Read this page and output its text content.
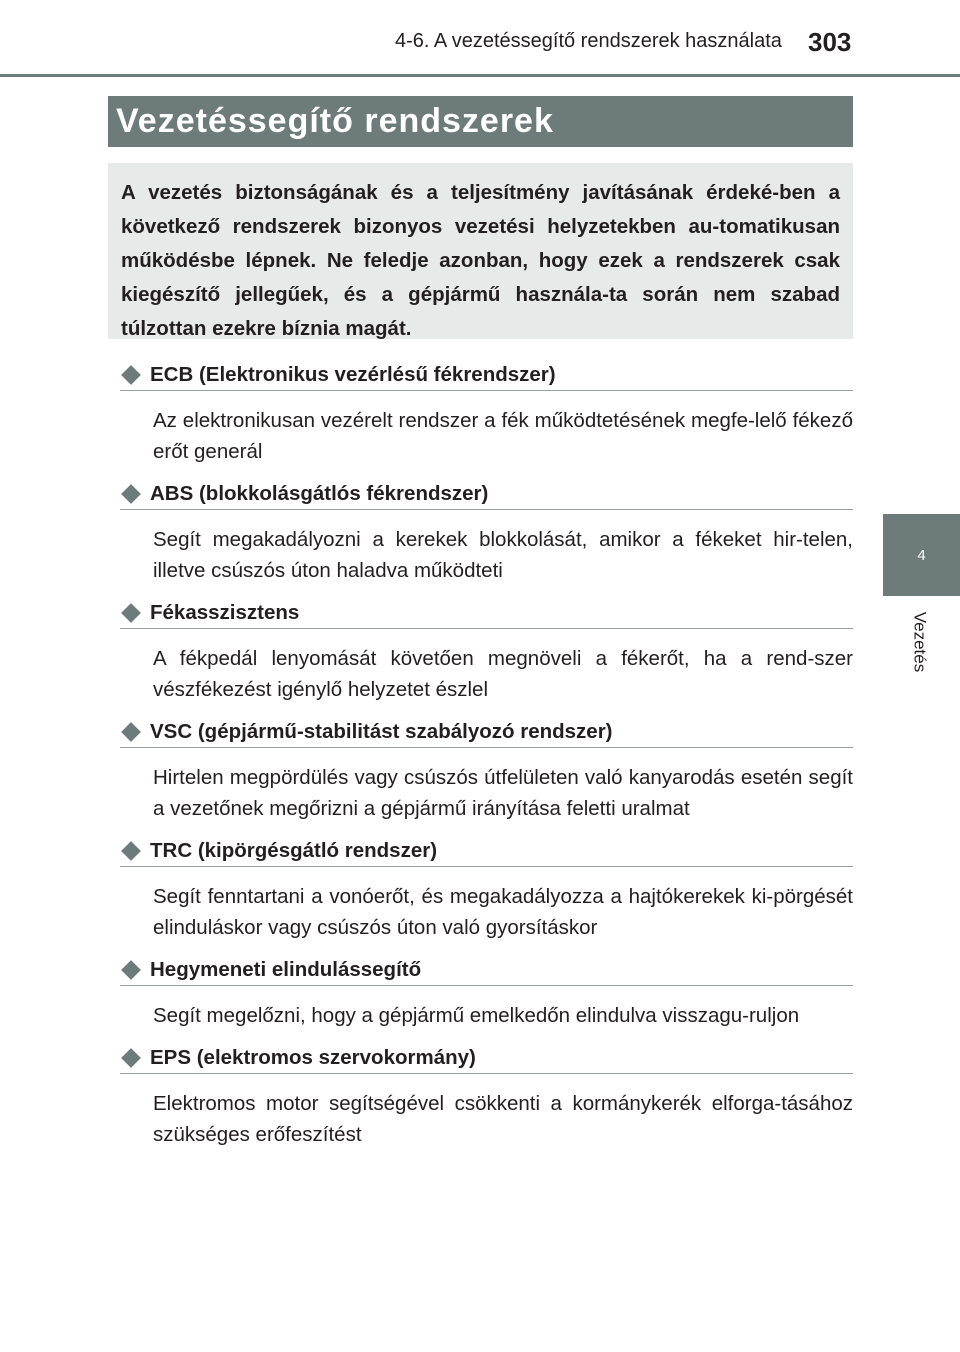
4-6. A vezetéssegítő rendszerek használata 303
4
Vezetés
Vezetéssegítő rendszerek
A vezetés biztonságának és a teljesítmény javításának érdeké-ben a következő rendszerek bizonyos vezetési helyzetekben au-tomatikusan működésbe lépnek. Ne feledje azonban, hogy ezek a rendszerek csak kiegészítő jellegűek, és a gépjármű használa-ta során nem szabad túlzottan ezekre bíznia magát.
ECB (Elektronikus vezérlésű fékrendszer)
Az elektronikusan vezérelt rendszer a fék működtetésének megfe-lelő fékező erőt generál
ABS (blokkolásgátlós fékrendszer)
Segít megakadályozni a kerekek blokkolását, amikor a fékeket hir-telen, illetve csúszós úton haladva működteti
Fékasszisztens
A fékpedál lenyomását követően megnöveli a fékerőt, ha a rend-szer vészfékezést igénylő helyzetet észlel
VSC (gépjármű-stabilitást szabályozó rendszer)
Hirtelen megpördülés vagy csúszós útfelületen való kanyarodás esetén segít a vezetőnek megőrizni a gépjármű irányítása feletti uralmat
TRC (kipörgésgátló rendszer)
Segít fenntartani a vonóerőt, és megakadályozza a hajtókerekek ki-pörgését elinduláskor vagy csúszós úton való gyorsításkor
Hegymeneti elindulássegítő
Segít megelőzni, hogy a gépjármű emelkedőn elindulva visszagu-ruljon
EPS (elektromos szervokormány)
Elektromos motor segítségével csökkenti a kormánykerék elforga-tásához szükséges erőfeszítést
